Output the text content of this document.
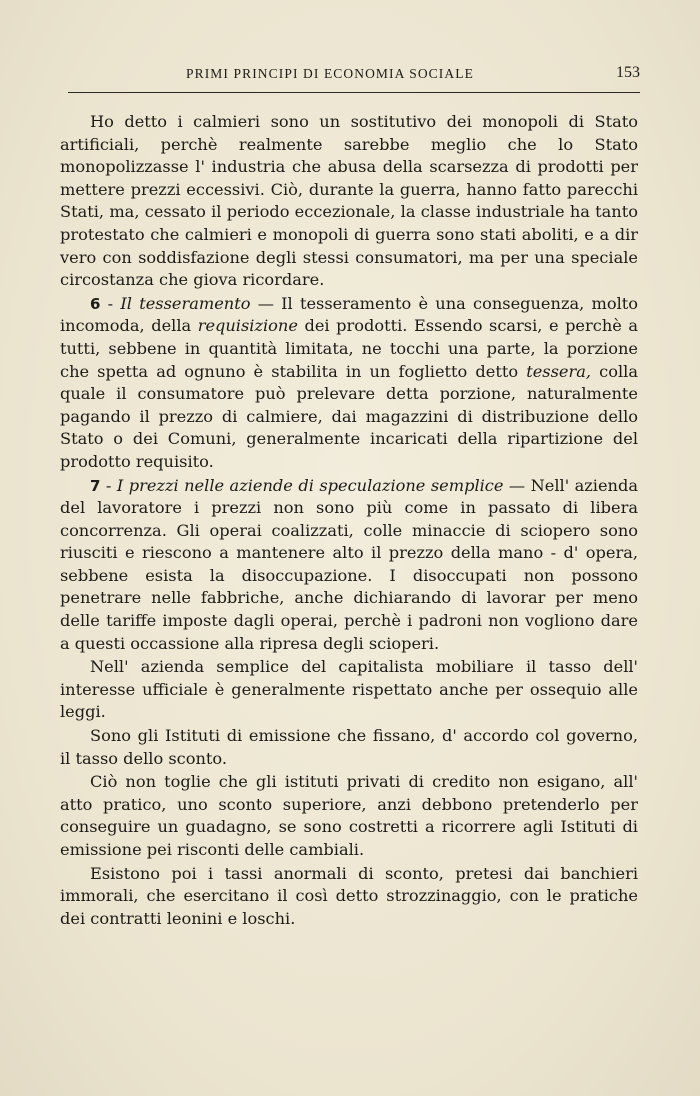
PRIMI PRINCIPI DI ECONOMIA SOCIALE	153

Ho detto i calmieri sono un sostitutivo dei monopoli di Stato artificiali, perchè realmente sarebbe meglio che lo Stato monopolizzasse l' industria che abusa della scarsezza di prodotti per mettere prezzi eccessivi. Ciò, durante la guerra, hanno fatto parecchi Stati, ma, cessato il periodo eccezionale, la classe industriale ha tanto protestato che calmieri e monopoli di guerra sono stati aboliti, e a dir vero con soddisfazione degli stessi consumatori, ma per una speciale circostanza che giova ricordare.

6 - Il tesseramento — Il tesseramento è una conseguenza, molto incomoda, della requisizione dei prodotti. Essendo scarsi, e perchè a tutti, sebbene in quantità limitata, ne tocchi una parte, la porzione che spetta ad ognuno è stabilita in un foglietto detto tessera, colla quale il consumatore può prelevare detta porzione, naturalmente pagando il prezzo di calmiere, dai magazzini di distribuzione dello Stato o dei Comuni, generalmente incaricati della ripartizione del prodotto requisito.

7 - I prezzi nelle aziende di speculazione semplice — Nell' azienda del lavoratore i prezzi non sono più come in passato di libera concorrenza. Gli operai coalizzati, colle minaccie di sciopero sono riusciti e riescono a mantenere alto il prezzo della mano - d' opera, sebbene esista la disoccupazione. I disoccupati non possono penetrare nelle fabbriche, anche dichiarando di lavorar per meno delle tariffe imposte dagli operai, perchè i padroni non vogliono dare a questi occassione alla ripresa degli scioperi.

Nell' azienda semplice del capitalista mobiliare il tasso dell' interesse ufficiale è generalmente rispettato anche per ossequio alle leggi.

Sono gli Istituti di emissione che fissano, d' accordo col governo, il tasso dello sconto.

Ciò non toglie che gli istituti privati di credito non esigano, all' atto pratico, uno sconto superiore, anzi debbono pretenderlo per conseguire un guadagno, se sono costretti a ricorrere agli Istituti di emissione pei risconti delle cambiali.

Esistono poi i tassi anormali di sconto, pretesi dai banchieri immorali, che esercitano il così detto strozzinaggio, con le pratiche dei contratti leonini e loschi.
